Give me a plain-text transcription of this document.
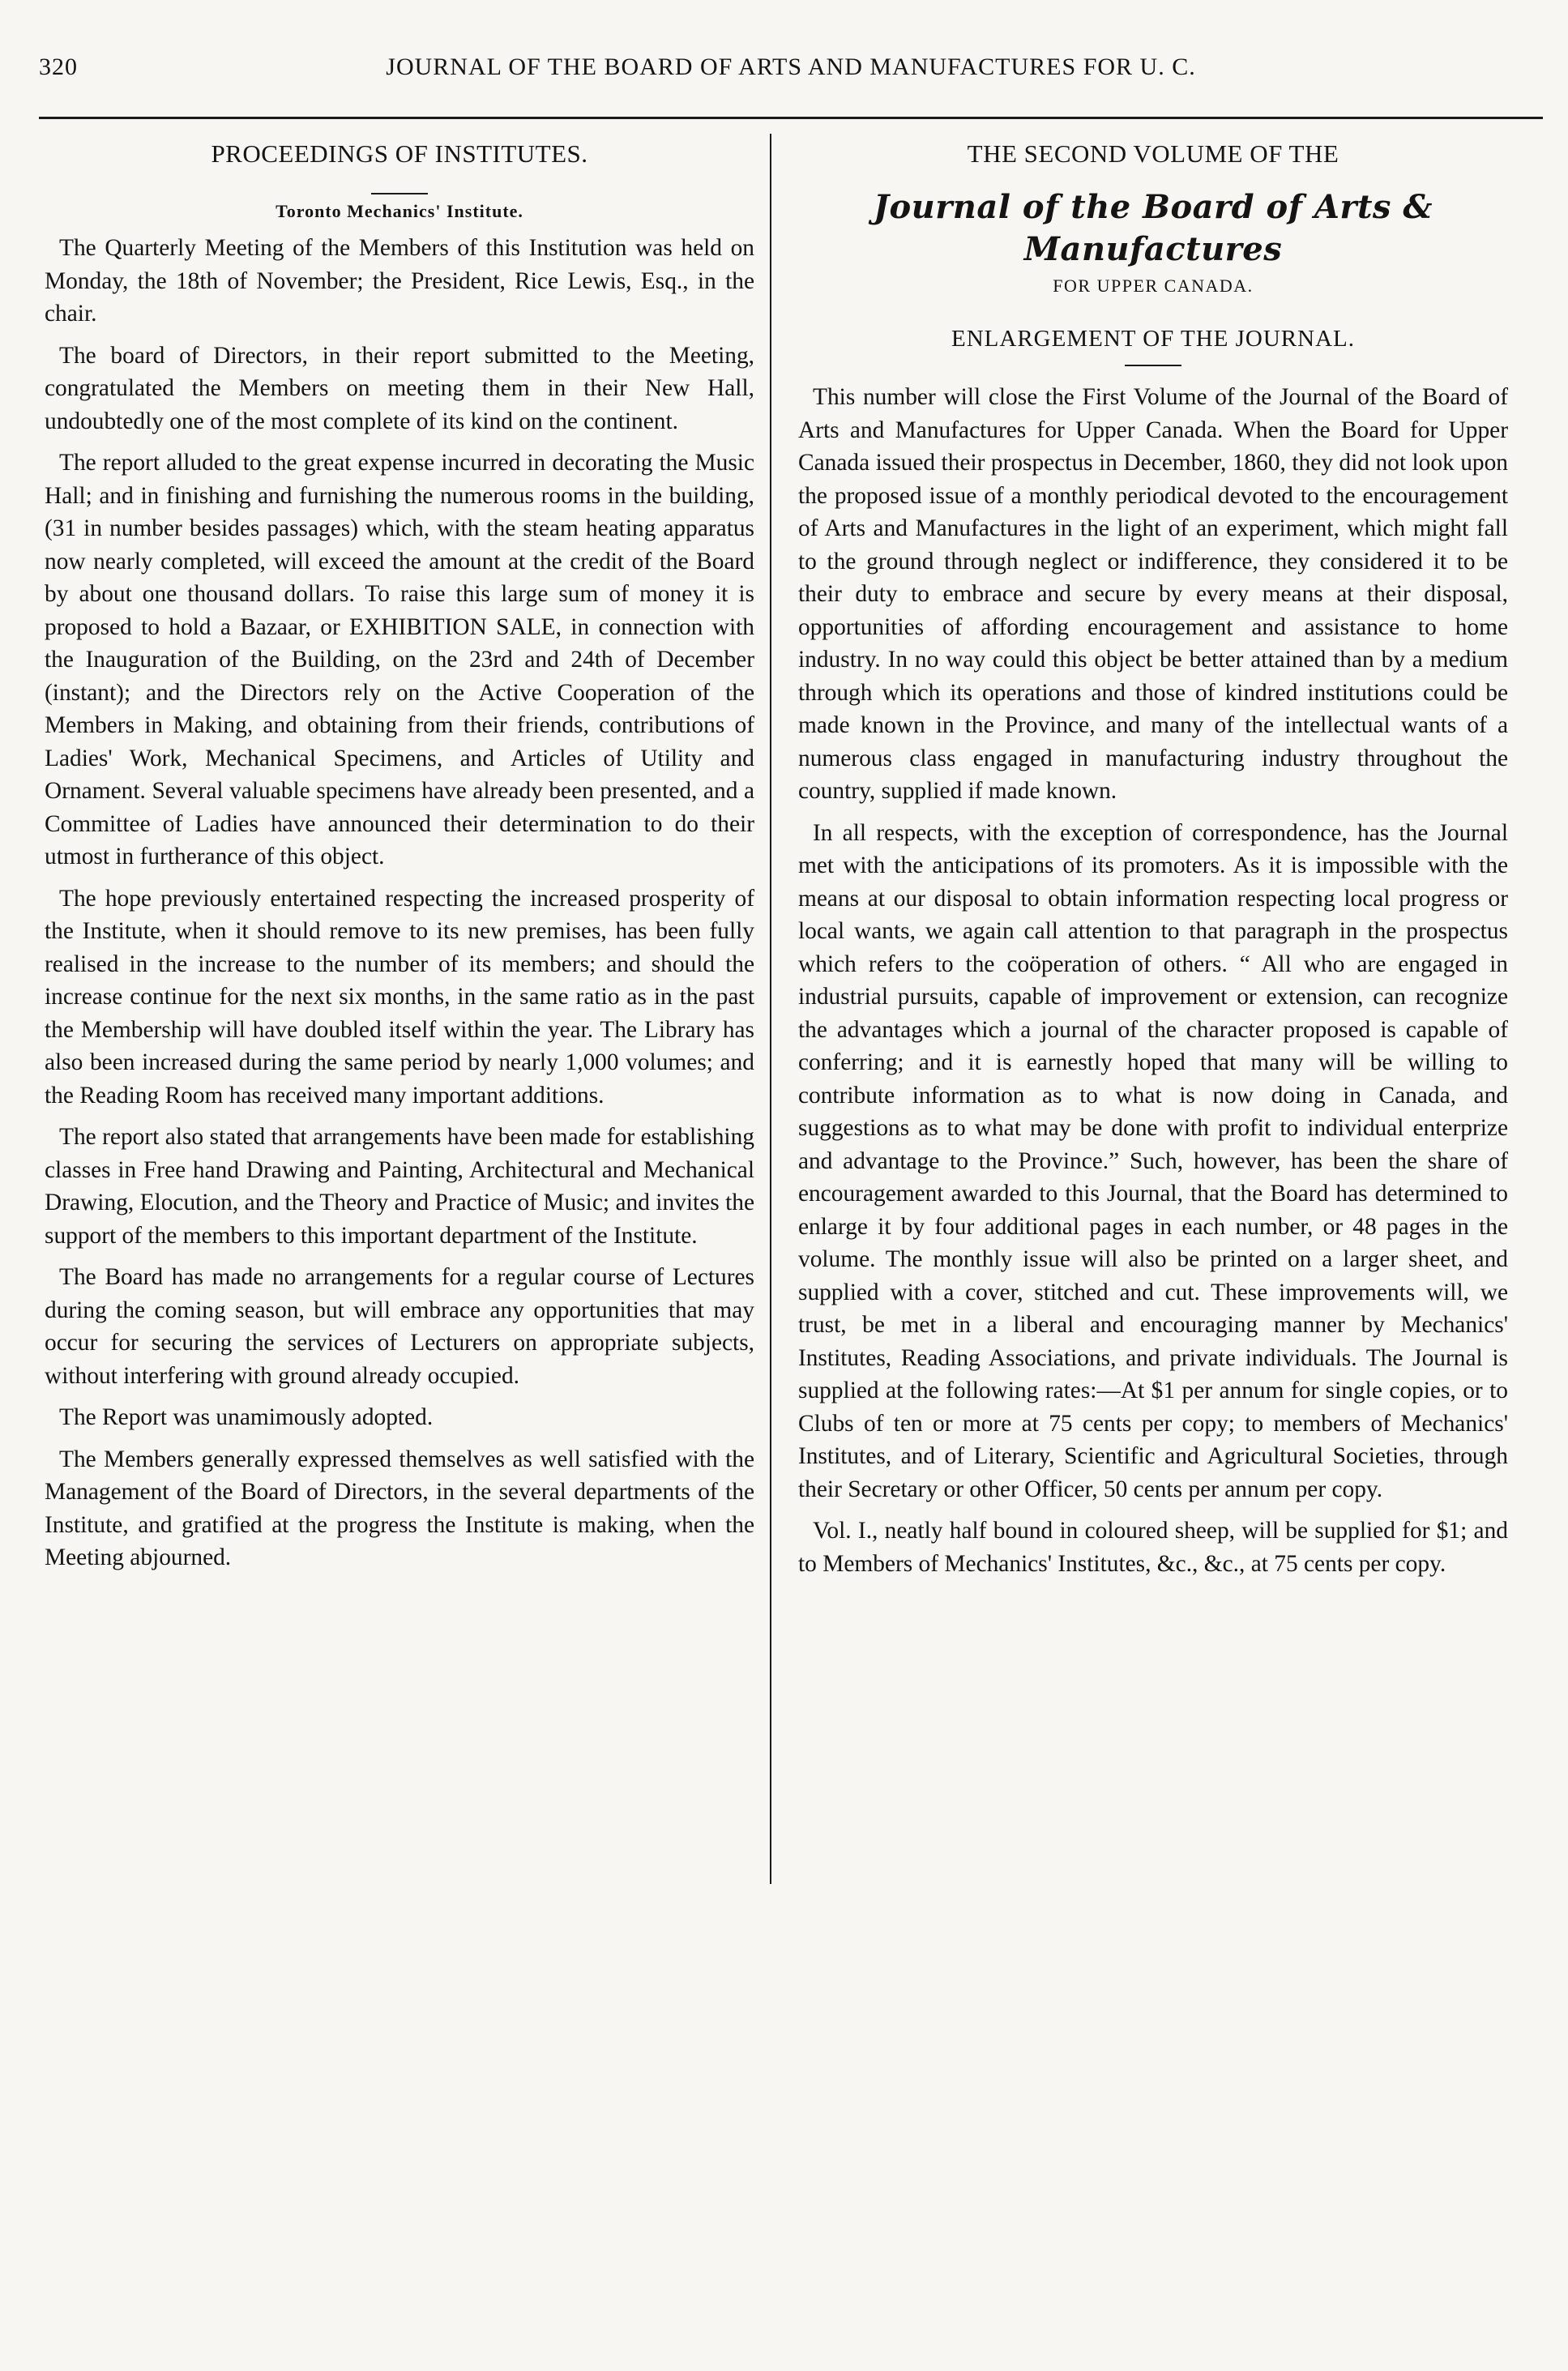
320	JOURNAL OF THE BOARD OF ARTS AND MANUFACTURES FOR U. C.
PROCEEDINGS OF INSTITUTES.
Toronto Mechanics' Institute.

The Quarterly Meeting of the Members of this Institution was held on Monday, the 18th of November; the President, Rice Lewis, Esq., in the chair.

The board of Directors, in their report submitted to the Meeting, congratulated the Members on meeting them in their New Hall, undoubtedly one of the most complete of its kind on the continent.

The report alluded to the great expense incurred in decorating the Music Hall; and in finishing and furnishing the numerous rooms in the building, (31 in number besides passages) which, with the steam heating apparatus now nearly completed, will exceed the amount at the credit of the Board by about one thousand dollars. To raise this large sum of money it is proposed to hold a Bazaar, or EXHIBITION SALE, in connection with the Inauguration of the Building, on the 23rd and 24th of December (instant); and the Directors rely on the Active Cooperation of the Members in Making, and obtaining from their friends, contributions of Ladies' Work, Mechanical Specimens, and Articles of Utility and Ornament. Several valuable specimens have already been presented, and a Committee of Ladies have announced their determination to do their utmost in furtherance of this object.

The hope previously entertained respecting the increased prosperity of the Institute, when it should remove to its new premises, has been fully realised in the increase to the number of its members; and should the increase continue for the next six months, in the same ratio as in the past the Membership will have doubled itself within the year. The Library has also been increased during the same period by nearly 1,000 volumes; and the Reading Room has received many important additions.

The report also stated that arrangements have been made for establishing classes in Free hand Drawing and Painting, Architectural and Mechanical Drawing, Elocution, and the Theory and Practice of Music; and invites the support of the members to this important department of the Institute.

The Board has made no arrangements for a regular course of Lectures during the coming season, but will embrace any opportunities that may occur for securing the services of Lecturers on appropriate subjects, without interfering with ground already occupied.

The Report was unamimously adopted.

The Members generally expressed themselves as well satisfied with the Management of the Board of Directors, in the several departments of the Institute, and gratified at the progress the Institute is making, when the Meeting abjourned.

THE SECOND VOLUME OF THE
Journal of the Board of Arts & Manufactures
FOR UPPER CANADA.
ENLARGEMENT OF THE JOURNAL.

This number will close the First Volume of the Journal of the Board of Arts and Manufactures for Upper Canada. When the Board for Upper Canada issued their prospectus in December, 1860, they did not look upon the proposed issue of a monthly periodical devoted to the encouragement of Arts and Manufactures in the light of an experiment, which might fall to the ground through neglect or indifference, they considered it to be their duty to embrace and secure by every means at their disposal, opportunities of affording encouragement and assistance to home industry. In no way could this object be better attained than by a medium through which its operations and those of kindred institutions could be made known in the Province, and many of the intellectual wants of a numerous class engaged in manufacturing industry throughout the country, supplied if made known.

In all respects, with the exception of correspondence, has the Journal met with the anticipations of its promoters. As it is impossible with the means at our disposal to obtain information respecting local progress or local wants, we again call attention to that paragraph in the prospectus which refers to the coöperation of others. “ All who are engaged in industrial pursuits, capable of improvement or extension, can recognize the advantages which a journal of the character proposed is capable of conferring; and it is earnestly hoped that many will be willing to contribute information as to what is now doing in Canada, and suggestions as to what may be done with profit to individual enterprize and advantage to the Province.” Such, however, has been the share of encouragement awarded to this Journal, that the Board has determined to enlarge it by four additional pages in each number, or 48 pages in the volume. The monthly issue will also be printed on a larger sheet, and supplied with a cover, stitched and cut. These improvements will, we trust, be met in a liberal and encouraging manner by Mechanics' Institutes, Reading Associations, and private individuals. The Journal is supplied at the following rates:—At $1 per annum for single copies, or to Clubs of ten or more at 75 cents per copy; to members of Mechanics' Institutes, and of Literary, Scientific and Agricultural Societies, through their Secretary or other Officer, 50 cents per annum per copy.

Vol. I., neatly half bound in coloured sheep, will be supplied for $1; and to Members of Mechanics' Institutes, &c., &c., at 75 cents per copy.
